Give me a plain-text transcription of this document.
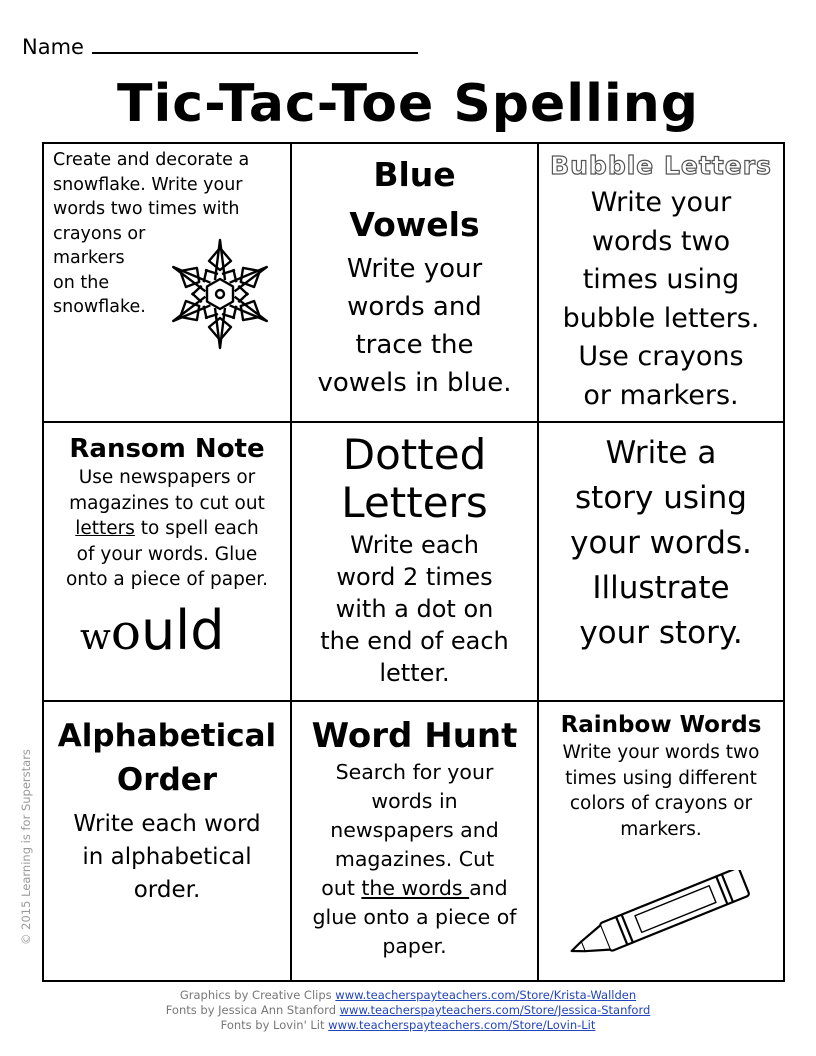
Name
Tic-Tac-Toe Spelling
Create and decorate a
snowflake. Write your
words two times with
crayons or
markers
on the
snowflake.
Blue
Vowels
Write your
words and
trace the
vowels in blue.
Bubble Letters
Write your
words two
times using
bubble letters.
Use crayons
or markers.
Ransom Note
Use newspapers or
magazines to cut out
letters to spell each
of your words. Glue
onto a piece of paper.
would
Dotted
Letters
Write each
word 2 times
with a dot on
the end of each
letter.
Write a
story using
your words.
Illustrate
your story.
Alphabetical
Order
Write each word
in alphabetical
order.
Word Hunt
Search for your
words in
newspapers and
magazines. Cut
out the words and
glue onto a piece of
paper.
Rainbow Words
Write your words two
times using different
colors of crayons or
markers.
© 2015 Learning is for Superstars
Graphics by Creative Clips www.teacherspayteachers.com/Store/Krista-Wallden
Fonts by Jessica Ann Stanford www.teacherspayteachers.com/Store/Jessica-Stanford
Fonts by Lovin' Lit www.teacherspayteachers.com/Store/Lovin-Lit
